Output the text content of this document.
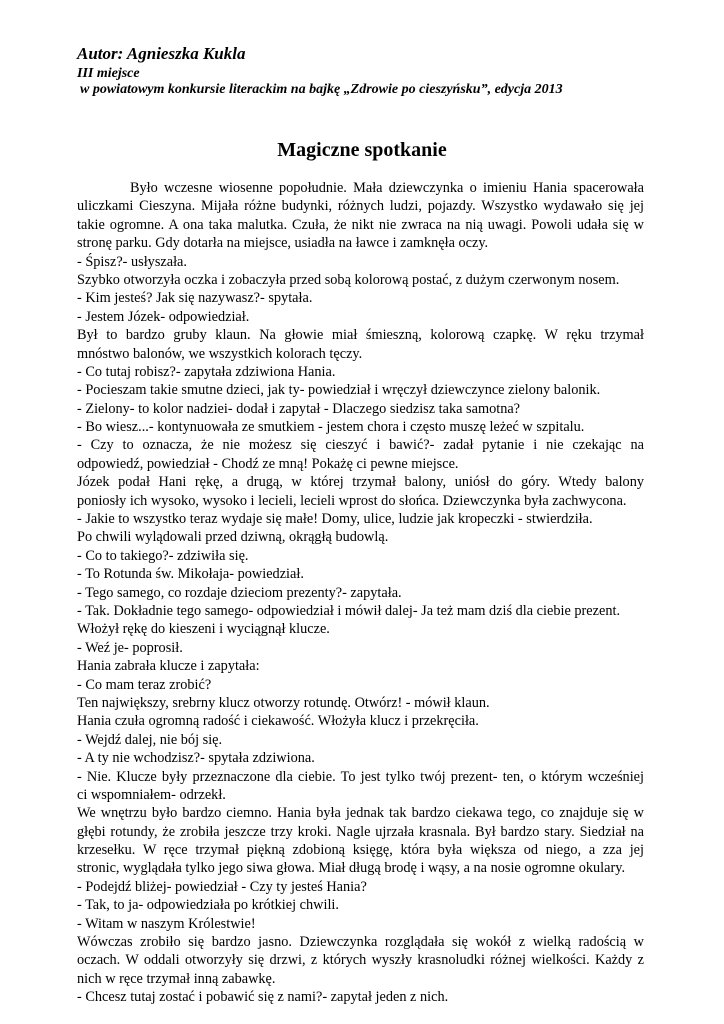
Autor: Agnieszka Kukla
III miejsce
w powiatowym konkursie literackim na bajkę „Zdrowie po cieszyńsku”, edycja 2013
Magiczne spotkanie
Było wczesne wiosenne popołudnie. Mała dziewczynka o imieniu Hania spacerowała
uliczkami Cieszyna. Mijała różne budynki, różnych ludzi, pojazdy. Wszystko wydawało się jej
takie ogromne. A ona taka malutka. Czuła, że nikt nie zwraca na nią uwagi. Powoli udała się w
stronę parku. Gdy dotarła na miejsce, usiadła na ławce i zamknęła oczy.
- Śpisz?- usłyszała.
Szybko otworzyła oczka i zobaczyła przed sobą kolorową postać, z dużym czerwonym nosem.
- Kim jesteś? Jak się nazywasz?- spytała.
- Jestem Józek- odpowiedział.
Był to bardzo gruby klaun. Na głowie miał śmieszną, kolorową czapkę. W ręku trzymał
mnóstwo balonów, we wszystkich kolorach tęczy.
- Co tutaj robisz?- zapytała zdziwiona Hania.
- Pocieszam takie smutne dzieci, jak ty- powiedział i wręczył dziewczynce zielony balonik.
- Zielony- to kolor nadziei- dodał i zapytał - Dlaczego siedzisz taka samotna?
- Bo wiesz...- kontynuowała ze smutkiem - jestem chora i często muszę leżeć w szpitalu.
- Czy to oznacza, że nie możesz się cieszyć i bawić?- zadał pytanie i nie czekając na
odpowiedź, powiedział - Chodź ze mną! Pokażę ci pewne miejsce.
Józek podał Hani rękę, a drugą, w której trzymał balony, uniósł do góry. Wtedy balony
poniosły ich wysoko, wysoko i lecieli, lecieli wprost do słońca. Dziewczynka była zachwycona.
- Jakie to wszystko teraz wydaje się małe! Domy, ulice, ludzie jak kropeczki - stwierdziła.
Po chwili wylądowali przed dziwną, okrągłą budowlą.
- Co to takiego?- zdziwiła się.
- To Rotunda św. Mikołaja- powiedział.
- Tego samego, co rozdaje dzieciom prezenty?- zapytała.
- Tak. Dokładnie tego samego- odpowiedział i mówił dalej- Ja też mam dziś dla ciebie prezent.
Włożył rękę do kieszeni i wyciągnął klucze.
- Weź je- poprosił.
Hania zabrała klucze i zapytała:
- Co mam teraz zrobić?
Ten największy, srebrny klucz otworzy rotundę. Otwórz! - mówił klaun.
Hania czuła ogromną radość i ciekawość. Włożyła klucz i przekręciła.
- Wejdź dalej, nie bój się.
- A ty nie wchodzisz?- spytała zdziwiona.
- Nie. Klucze były przeznaczone dla ciebie. To jest tylko twój prezent- ten, o którym wcześniej
ci wspomniałem- odrzekł.
We wnętrzu było bardzo ciemno. Hania była jednak tak bardzo ciekawa tego, co znajduje się w
głębi rotundy, że zrobiła jeszcze trzy kroki. Nagle ujrzała krasnala. Był bardzo stary. Siedział na
krzesełku. W ręce trzymał piękną zdobioną księgę, która była większa od niego, a zza jej
stronic, wyglądała tylko jego siwa głowa. Miał długą brodę i wąsy, a na nosie ogromne okulary.
- Podejdź bliżej- powiedział - Czy ty jesteś Hania?
- Tak, to ja- odpowiedziała po krótkiej chwili.
- Witam w naszym Królestwie!
Wówczas zrobiło się bardzo jasno. Dziewczynka rozglądała się wokół z wielką radością w
oczach. W oddali otworzyły się drzwi, z których wyszły krasnoludki różnej wielkości. Każdy z
nich w ręce trzymał inną zabawkę.
- Chcesz tutaj zostać i pobawić się z nami?- zapytał jeden z nich.
